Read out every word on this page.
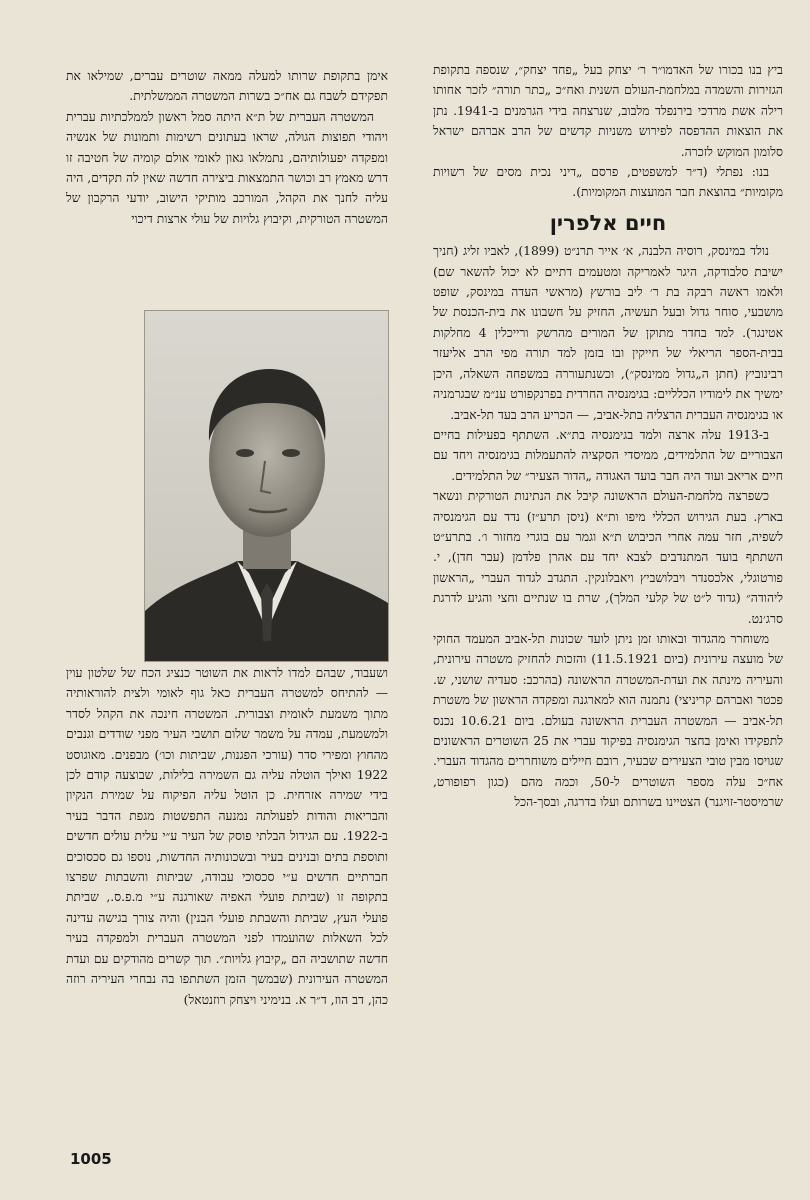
ביץ בנו בכורו של האדמו״ר ר׳ יצחק בעל „פחד יצחק״, שנספה בתקופת הגזירות והשמדה במלחמת-העולם השנית ואח״כ „כתר תורה״ לזכר אחותו רילה אשת מרדכי בירנפלד מלבוב, שנרצחה בידי הגרמנים ב-1941. נתן את הוצאות ההדפסה לפירוש משניות קדשים של הרב אברהם ישראל סלומון המוקש לזכרה.

בנו: נפתלי (ד״ר למשפטים, פרסם „דיני נכית מסים של רשויות מקומיות״ בהוצאת חבר המועצות המקומיות).

חיים אלפרין

נולד במינסק, רוסיה הלבנה, א׳ אייר תרנ״ט (1899), לאביו זליג (חניך ישיבת סלבודקה, היגר לאמריקה ומטעמים דתיים לא יכול להשאר שם) ולאמו ראשה רבקה בת ר׳ ליב בורשץ (מראשי העדה במינסק, שופט מושבעי, סוחר גדול ובעל תעשיה, החזיק על חשבונו את בית-הכנסת של אטינגר). למד בחדר מתוקן של המורים מהרשק ורייכלין 4 מחלקות בבית-הספר הריאלי של חייקין ובו בזמן למד תורה מפי הרב אליעזר רבינוביץ (חתן ה„גדול ממינסק״), וכשנתעוררה במשפחה השאלה, היכן ימשיך את לימודיו הכלליים: בגימנסיה החרדית בפרנקפורט ענ״מ שבגרמניה או בגימנסיה העברית הרצליה בתל-אביב, — הכריע הרב בעד תל-אביב.

ב-1913 עלה ארצה ולמד בגימנסיה בת״א. השתתף בפעילות בחיים הצבוריים של התלמידים, ממיסדי הסקציה להתעמלות בגימנסיה ויחד עם חיים אריאב ועוד היה חבר בועד האגודה „הדור הצעיר״ של התלמידים.

כשפרצה מלחמת-העולם הראשונה קיבל את הנתינות הטורקית ונשאר בארץ. בעת הגירוש הכללי מיפו ות״א (ניסן תרע״ז) נדד עם הגימנסיה לשפיה, חזר עמה אחרי הכיבוש ת״א וגמר עם בוגרי מחזור ו׳. בתרע״ט השתתף בועד המתנדבים לצבא יחד עם אהרן פלדמן (עבר חדן), י. פורטוגלי, אלכסנדר ויבלושביץ ויאבלונקין. התגדב לגדוד העברי „הראשון ליהודה״ (גדוד ל״ט של קלעי המלך), שרת בו שנתיים וחצי והגיע לדרגת סרג׳נט.

משוחרר מהגדוד ובאותו זמן ניתן לועד שכונות תל-אביב המעמד החוקי של מועצה עירונית (ביום 11.5.1921) והזכות להחזיק משטרה עירונית, והעיריה מינתה את ועדת-המשטרה הראשונה (בהרכב: סעדיה שושני, ש. פכטר ואברהם קריניצי) נתמנה הוא למארגנה ומפקדה הראשון של משטרת תל-אביב — המשטרה העברית הראשונה בעולם. ביום 10.6.21 נכנס לתפקידו ואימן בחצר הגימנסיה בפיקוד עברי את 25 השוטרים הראשונים שגויסו מבין טובי הצעירים שבעיר, רובם חיילים משוחררים מהגדוד העברי. אח״כ עלה מספר השוטרים ל-50, וכמה מהם (כגון רפופורט, שרמיסטר-זויגנר) הצטיינו בשרותם ועלו בדרגה, ובסך-הכל

אימן בתקופת שרותו למעלה ממאה שוטרים עברים, שמילאו את תפקידם לשבח גם אח״כ בשרות המשטרה הממשלתית.

המשטרה העברית של ת״א היתה סמל ראשון לממלכתיות עברית ויהודי תפוצות הגולה, שראו בעתונים רשימות ותמונות של אנשיה ומפקדה יפעולותיהם, נתמלאו גאון לאומי אולם קומיה של חטיבה זו דרש מאמץ רב וכושר התמצאות ביצירה חדשה שאין לה תקדים, היה עליה לחנך את הקהל, המורכב מותיקי הישוב, יודעי הרקבון של המשטרה הטורקית, וקיבוץ גלויות של עולי ארצות דיכוי

ושעבוד, שבהם למדו לראות את השוטר כנציג הכח של שלטון עוין — להתיחס למשטרה העברית כאל גוף לאומי ולצית להוראותיה מתוך משמעת לאומית וצבורית. המשטרה חינכה את הקהל לסדר ולמשמעת, עמדה על משמר שלום תושבי העיר מפני שודדים וגנבים מהחוץ ומפירי סדר (עורכי הפגנות, שביתות וכו׳) מבפנים. מאוגוסט 1922 ואילך הוטלה עליה גם השמירה בלילות, שבוצעה קודם לכן בידי שמירה אזרחית. כן הוטל עליה הפיקוח על שמירת הנקיון והבריאות והודות לפעולתה נמנעה התפשטות מגפת הדבר בעיר ב-1922. עם הגידול הבלתי פוסק של העיר ע״י עלית עולים חדשים ותוספת בתים ובנינים בעיר ובשכונותיה החדשות, נוספו גם סכסוכים חברתיים חדשים ע״י סכסוכי עבודה, שביתות והשבתות שפרצו בתקופה זו (שביתת פועלי האפיה שאורגנה ע״י מ.פ.ס., שביתת פועלי העץ, שביתת והשבתת פועלי הבנין) והיה צורך בגישה עדינה לכל השאלות שהועמדו לפני המשטרה העברית ולמפקדה בעיר חדשה שתושביה הם „קיבוץ גלויות״. תוך קשרים מהודקים עם ועדת המשטרה העירונית (שבמשך הזמן השתתפו בה נבחרי העיריה רוזה כהן, דב הוז, ד״ר א. בנימיני ויצחק רוזנטאל)

1005
